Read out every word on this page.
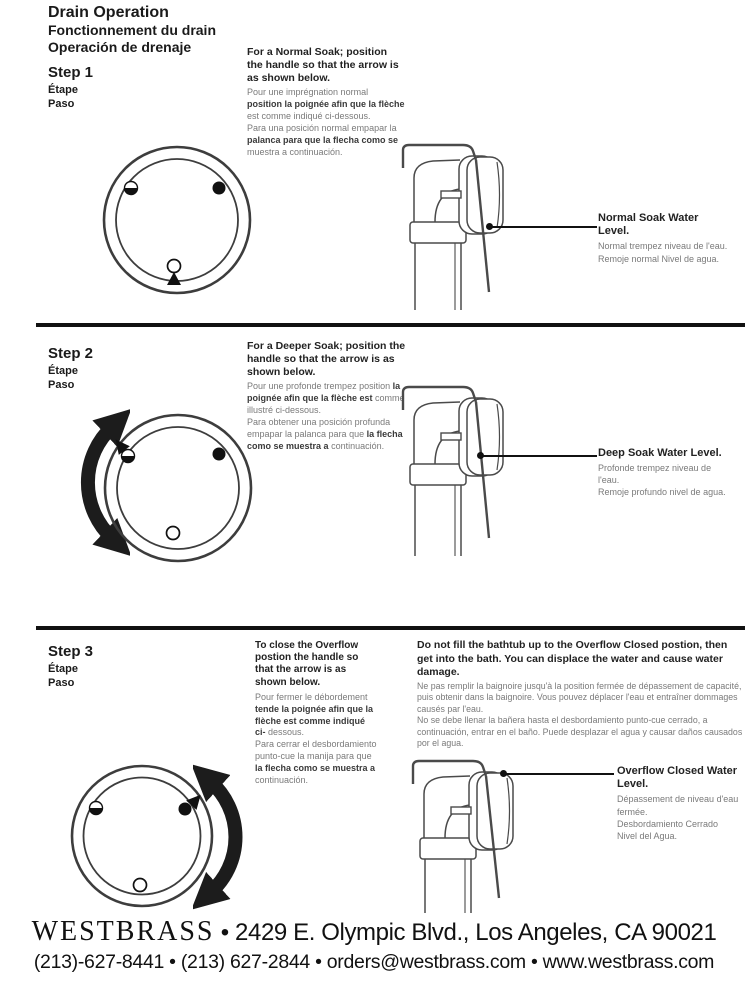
Drain Operation
Fonctionnement du drain
Operación de drenaje
Step 1
Étape
Paso

For a Normal Soak; position the handle so that the arrow is as shown below.

Pour une imprégnation normal position la poignée afin que la flèche est comme indiqué ci-dessous.

Para una posición normal empapar la palanca para que la flecha como se muestra a continuación.

Normal Soak Water Level.

Normal trempez niveau de l'eau.

Remoje normal Nivel de agua.

Step 2
Étape
Paso

For a Deeper Soak; position the handle so that the arrow is as shown below.

Pour une profonde trempez position la poignée afin que la flèche est comme illustré ci-dessous.

Para obtener una posición profunda empapar la palanca para que la flecha como se muestra a continuación.

Deep Soak Water Level.

Profonde trempez niveau de l'eau.

Remoje profundo nivel de agua.

Step 3
Étape
Paso

To close the Overflow postion the handle so that the arrow is as shown below.

Pour fermer le débordement tende la poignée afin que la flèche est comme indiqué ci- dessous.

Para cerrar el desbordamiento punto-cue la manija para que la flecha como se muestra a continuación.

Do not fill the bathtub up to the Overflow Closed postion, then get into the bath. You can displace the water and cause water damage.

Ne pas remplir la baignoire jusqu'à la position fermée de dépassement de capacité, puis obtenir dans la baignoire. Vous pouvez déplacer l'eau et entraîner dommages causés par l'eau.

No se debe llenar la bañera hasta el desbordamiento punto-cue cerrado, a continuación, entrar en el baño. Puede desplazar el agua y causar daños causados por el agua.

Overflow Closed Water Level.

Dépassement de niveau d'eau fermée.

Desbordamiento Cerrado Nivel del Agua.

WESTBRASS • 2429 E. Olympic Blvd., Los Angeles, CA 90021
(213)-627-8441 • (213) 627-2844 • orders@westbrass.com • www.westbrass.com
